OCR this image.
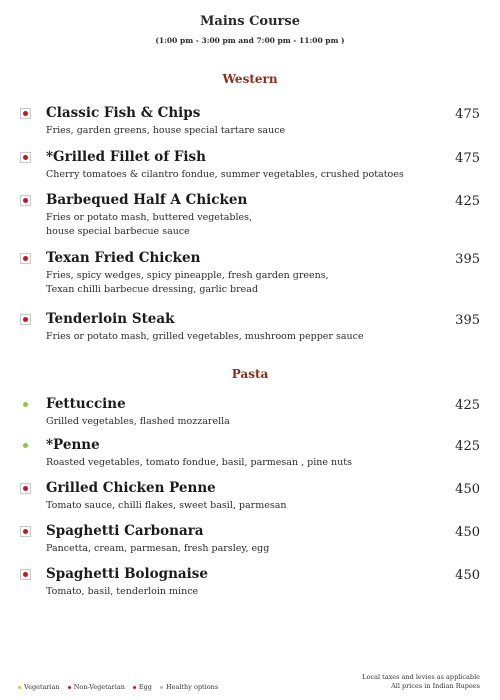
Mains Course
(1:00 pm - 3:00 pm and 7:00 pm - 11:00 pm )
Western
Classic Fish & Chips	475
Fries, garden greens, house special tartare sauce
*Grilled Fillet of Fish	475
Cherry tomatoes & cilantro fondue, summer vegetables, crushed potatoes
Barbequed Half A Chicken	425
Fries or potato mash, buttered vegetables,
house special barbecue sauce
Texan Fried Chicken	395
Fries, spicy wedges, spicy pineapple, fresh garden greens,
Texan chilli barbecue dressing, garlic bread
Tenderloin Steak	395
Fries or potato mash, grilled vegetables, mushroom pepper sauce
Pasta
Fettuccine	425
Grilled vegetables, flashed mozzarella
*Penne	425
Roasted vegetables, tomato fondue, basil, parmesan , pine nuts
Grilled Chicken Penne	450
Tomato sauce, chilli flakes, sweet basil, parmesan
Spaghetti Carbonara	450
Pancetta, cream, parmesan, fresh parsley, egg
Spaghetti Bolognaise	450
Tomato, basil, tenderloin mince
Vegetarian Non-Vegetarian Egg Healthy options
Local taxes and levies as applicable
All prices in Indian Rupees
